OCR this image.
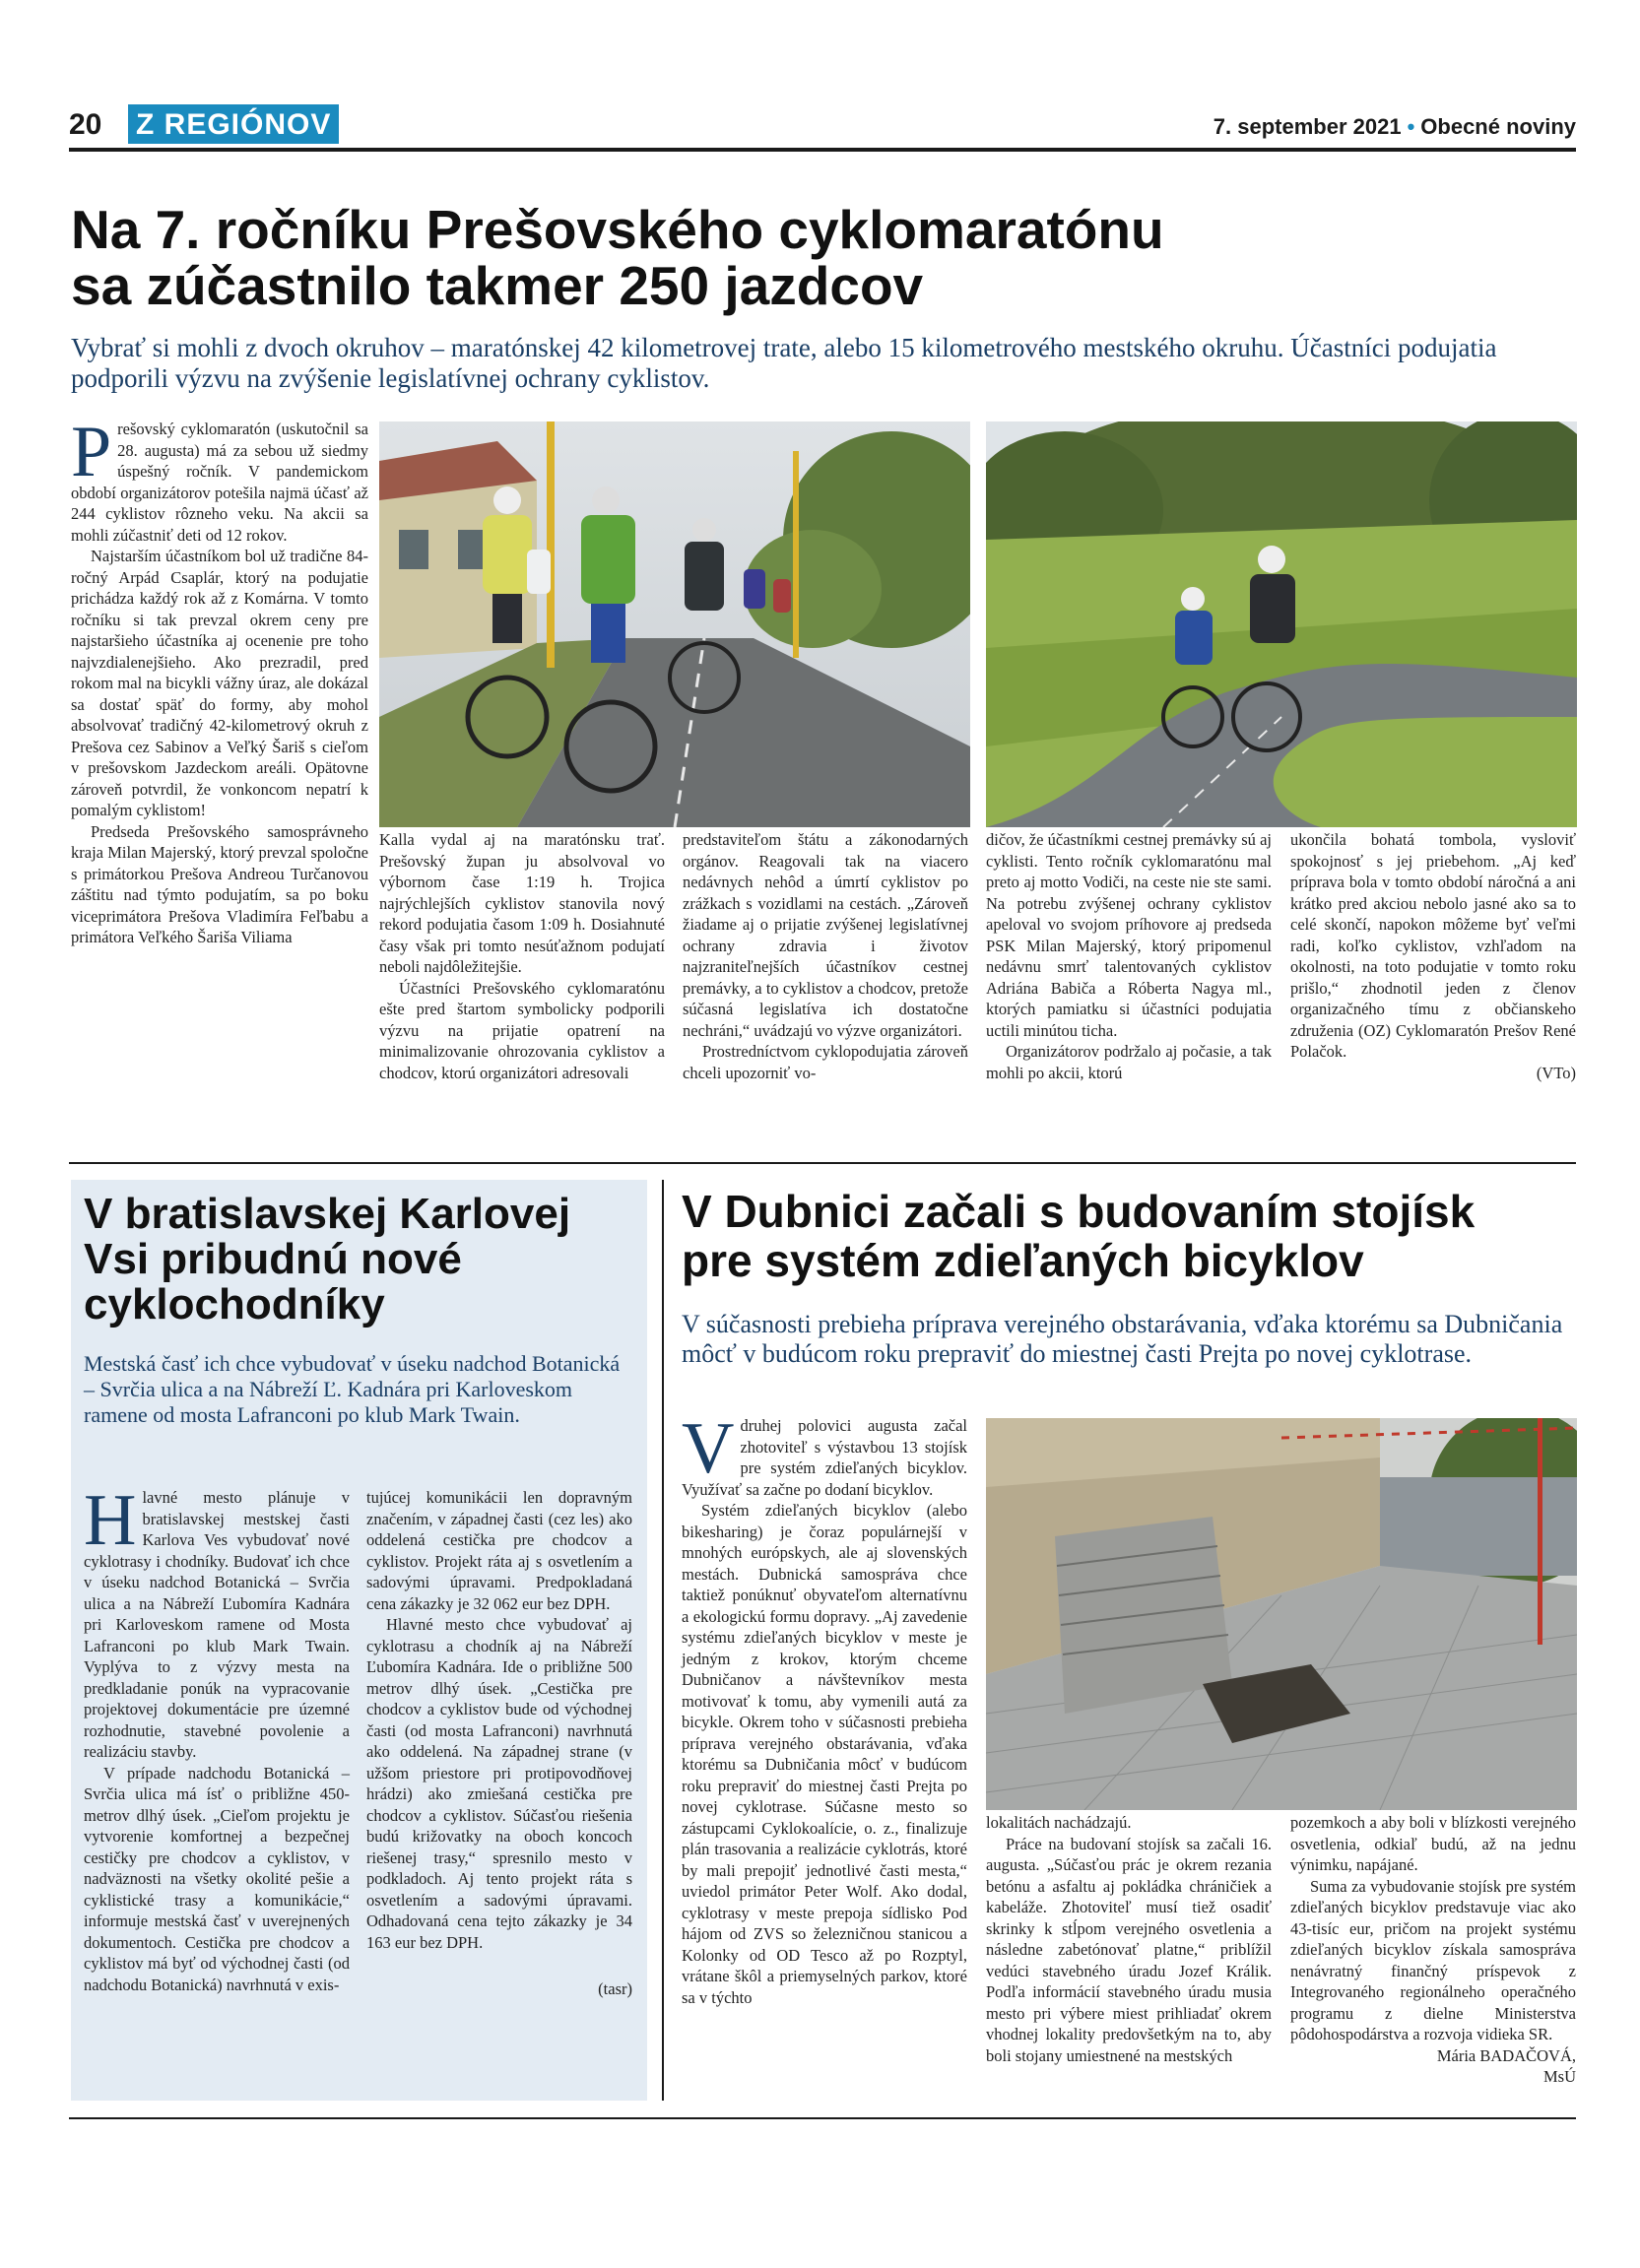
20 Z REGIÓNOV	7. september 2021 • Obecné noviny
Na 7. ročníku Prešovského cyklomaratónu
sa zúčastnilo takmer 250 jazdcov
Vybrať si mohli z dvoch okruhov – maratónskej 42 kilometrovej trate, alebo 15 kilometrového mestského okruhu. Účastníci podujatia podporili výzvu na zvýšenie legislatívnej ochrany cyklistov.

Prešovský cyklomaratón (uskutočnil sa 28. augusta) má za sebou už siedmy úspešný ročník. V pandemickom období organizátorov potešila najmä účasť až 244 cyklistov rôzneho veku. Na akcii sa mohli zúčastniť deti od 12 rokov.

Najstarším účastníkom bol už tradične 84-ročný Arpád Csaplár, ktorý na podujatie prichádza každý rok až z Komárna. V tomto ročníku si tak prevzal okrem ceny pre najstaršieho účastníka aj ocenenie pre toho najvzdialenejšieho. Ako prezradil, pred rokom mal na bicykli vážny úraz, ale dokázal sa dostať späť do formy, aby mohol absolvovať tradičný 42-kilometrový okruh z Prešova cez Sabinov a Veľký Šariš s cieľom v prešovskom Jazdeckom areáli. Opätovne zároveň potvrdil, že vonkoncom nepatrí k pomalým cyklistom!

Predseda Prešovského samosprávneho kraja Milan Majerský, ktorý prevzal spoločne s primátorkou Prešova Andreou Turčanovou záštitu nad týmto podujatím, sa po boku viceprimátora Prešova Vladimíra Feľbabu a primátora Veľkého Šariša Viliama

Kalla vydal aj na maratónsku trať. Prešovský župan ju absolvoval vo výbornom čase 1:19 h. Trojica najrýchlejších cyklistov stanovila nový rekord podujatia časom 1:09 h. Dosiahnuté časy však pri tomto nesúťažnom podujatí neboli najdôležitejšie.

Účastníci Prešovského cyklomaratónu ešte pred štartom symbolicky podporili výzvu na prijatie opatrení na minimalizovanie ohrozovania cyklistov a chodcov, ktorú organizátori adresovali

predstaviteľom štátu a zákonodarných orgánov. Reagovali tak na viacero nedávnych nehôd a úmrtí cyklistov po zrážkach s vozidlami na cestách. „Zároveň žiadame aj o prijatie zvýšenej legislatívnej ochrany zdravia i životov najzraniteľnejších účastníkov cestnej premávky, a to cyklistov a chodcov, pretože súčasná legislatíva ich dostatočne nechráni,“ uvádzajú vo výzve organizátori.

Prostredníctvom cyklopodujatia zároveň chceli upozorniť vo-

dičov, že účastníkmi cestnej premávky sú aj cyklisti. Tento ročník cyklomaratónu mal preto aj motto Vodiči, na ceste nie ste sami. Na potrebu zvýšenej ochrany cyklistov apeloval vo svojom príhovore aj predseda PSK Milan Majerský, ktorý pripomenul nedávnu smrť talentovaných cyklistov Adriána Babiča a Róberta Nagya ml., ktorých pamiatku si účastníci podujatia uctili minútou ticha.

Organizátorov podržalo aj počasie, a tak mohli po akcii, ktorú

ukončila bohatá tombola, vysloviť spokojnosť s jej priebehom. „Aj keď príprava bola v tomto období náročná a ani krátko pred akciou nebolo jasné ako sa to celé skončí, napokon môžeme byť veľmi radi, koľko cyklistov, vzhľadom na okolnosti, na toto podujatie v tomto roku prišlo,“ zhodnotil jeden z členov organizačného tímu z občianskeho združenia (OZ) Cyklomaratón Prešov René Polačok.

(VTo)

V bratislavskej Karlovej
Vsi pribudnú nové
cyklochodníky
Mestská časť ich chce vybudovať v úseku nadchod Botanická – Svrčia ulica a na Nábreží Ľ. Kadnára pri Karloveskom ramene od mosta Lafranconi po klub Mark Twain.

Hlavné mesto plánuje v bratislavskej mestskej časti Karlova Ves vybudovať nové cyklotrasy i chodníky. Budovať ich chce v úseku nadchod Botanická – Svrčia ulica a na Nábreží Ľubomíra Kadnára pri Karloveskom ramene od Mosta Lafranconi po klub Mark Twain. Vyplýva to z výzvy mesta na predkladanie ponúk na vypracovanie projektovej dokumentácie pre územné rozhodnutie, stavebné povolenie a realizáciu stavby.

V prípade nadchodu Botanická – Svrčia ulica má ísť o približne 450-metrov dlhý úsek. „Cieľom projektu je vytvorenie komfortnej a bezpečnej cestičky pre chodcov a cyklistov, v nadväznosti na všetky okolité pešie a cyklistické trasy a komunikácie,“ informuje mestská časť v uverejnených dokumentoch. Cestička pre chodcov a cyklistov má byť od východnej časti (od nadchodu Botanická) navrhnutá v exis-

tujúcej komunikácii len dopravným značením, v západnej časti (cez les) ako oddelená cestička pre chodcov a cyklistov. Projekt ráta aj s osvetlením a sadovými úpravami. Predpokladaná cena zákazky je 32 062 eur bez DPH.

Hlavné mesto chce vybudovať aj cyklotrasu a chodník aj na Nábreží Ľubomíra Kadnára. Ide o približne 500 metrov dlhý úsek. „Cestička pre chodcov a cyklistov bude od východnej časti (od mosta Lafranconi) navrhnutá ako oddelená. Na západnej strane (v užšom priestore pri protipovodňovej hrádzi) ako zmiešaná cestička pre chodcov a cyklistov. Súčasťou riešenia budú križovatky na oboch koncoch riešenej trasy,“ spresnilo mesto v podkladoch. Aj tento projekt ráta s osvetlením a sadovými úpravami. Odhadovaná cena tejto zákazky je 34 163 eur bez DPH.

(tasr)

V Dubnici začali s budovaním stojísk
pre systém zdieľaných bicyklov
V súčasnosti prebieha príprava verejného obstarávania, vďaka ktorému sa Dubničania môcť v budúcom roku prepraviť do miestnej časti Prejta po novej cyklotrase.

Vdruhej polovici augusta začal zhotoviteľ s výstavbou 13 stojísk pre systém zdieľaných bicyklov. Využívať sa začne po dodaní bicyklov.

Systém zdieľaných bicyklov (alebo bikesharing) je čoraz populárnejší v mnohých európskych, ale aj slovenských mestách. Dubnická samospráva chce taktiež ponúknuť obyvateľom alternatívnu a ekologickú formu dopravy. „Aj zavedenie systému zdieľaných bicyklov v meste je jedným z krokov, ktorým chceme Dubničanov a návštevníkov mesta motivovať k tomu, aby vymenili autá za bicykle. Okrem toho v súčasnosti prebieha príprava verejného obstarávania, vďaka ktorému sa Dubničania môcť v budúcom roku prepraviť do miestnej časti Prejta po novej cyklotrase. Súčasne mesto so zástupcami Cyklokoalície, o. z., finalizuje plán trasovania a realizácie cyklotrás, ktoré by mali prepojiť jednotlivé časti mesta,“ uviedol primátor Peter Wolf. Ako dodal, cyklotrasy v meste prepoja sídlisko Pod hájom od ZVS so železničnou stanicou a Kolonky od OD Tesco až po Rozptyl, vrátane škôl a priemyselných parkov, ktoré sa v týchto

lokalitách nachádzajú.

Práce na budovaní stojísk sa začali 16. augusta. „Súčasťou prác je okrem rezania betónu a asfaltu aj pokládka chráničiek a kabeláže. Zhotoviteľ musí tiež osadiť skrinky k stĺpom verejného osvetlenia a následne zabetónovať platne,“ priblížil vedúci stavebného úradu Jozef Králik. Podľa informácií stavebného úradu musia mesto pri výbere miest prihliadať okrem vhodnej lokality predovšetkým na to, aby boli stojany umiestnené na mestských

pozemkoch a aby boli v blízkosti verejného osvetlenia, odkiaľ budú, až na jednu výnimku, napájané.

Suma za vybudovanie stojísk pre systém zdieľaných bicyklov predstavuje viac ako 43-tisíc eur, pričom na projekt systému zdieľaných bicyklov získala samospráva nenávratný finančný príspevok z Integrovaného regionálneho operačného programu z dielne Ministerstva pôdohospodárstva a rozvoja vidieka SR.

Mária BADAČOVÁ,

MsÚ
